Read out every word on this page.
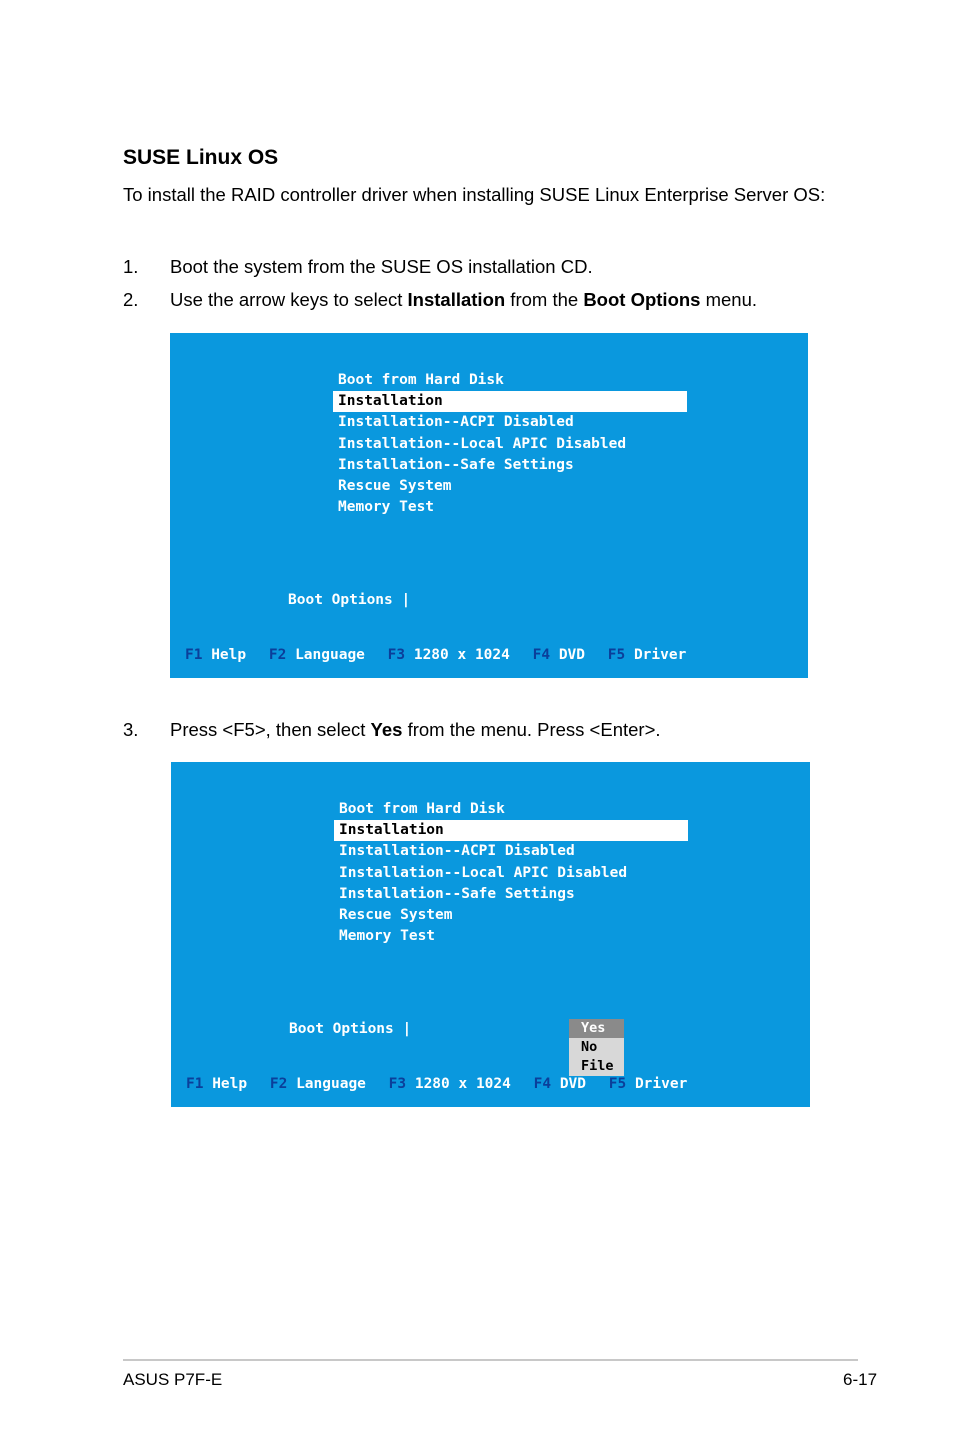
SUSE Linux OS
To install the RAID controller driver when installing SUSE Linux Enterprise Server OS:
1. Boot the system from the SUSE OS installation CD.
2. Use the arrow keys to select Installation from the Boot Options menu.
Boot from Hard Disk
Installation
Installation--ACPI Disabled
Installation--Local APIC Disabled
Installation--Safe Settings
Rescue System
Memory Test
Boot Options |
F1 Help F2 Language F3 1280 x 1024 F4 DVD F5 Driver
3. Press <F5>, then select Yes from the menu. Press <Enter>.
Boot from Hard Disk
Installation
Installation--ACPI Disabled
Installation--Local APIC Disabled
Installation--Safe Settings
Rescue System
Memory Test
Boot Options |
F1 Help F2 Language F3 1280 x 1024 F4 DVD F5 Driver
Yes
No
File
ASUS P7F-E	6-17
